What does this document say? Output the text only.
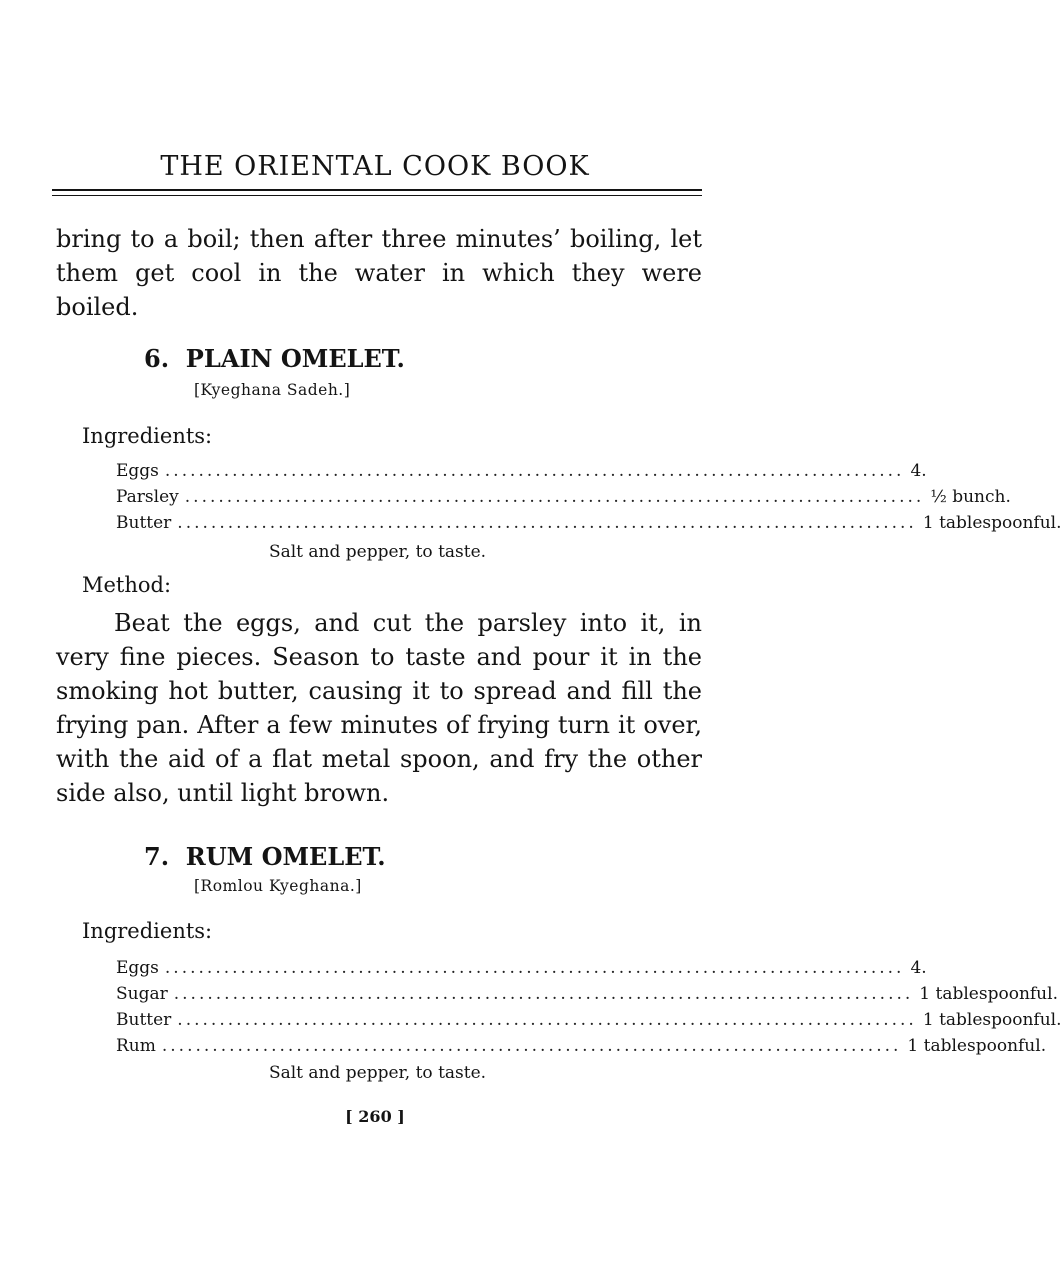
THE ORIENTAL COOK BOOK

bring to a boil; then after three minutes’ boiling, let them get cool in the water in which they were boiled.

6. PLAIN OMELET.
[Kyeghana Sadeh.]
Ingredients:
Eggs ........................................................................................ 4.
Parsley ........................................................................................ ½ bunch.
Butter ........................................................................................ 1 tablespoonful.
Salt and pepper, to taste.
Method:

Beat the eggs, and cut the parsley into it, in very fine pieces. Season to taste and pour it in the smoking hot butter, causing it to spread and fill the frying pan. After a few minutes of frying turn it over, with the aid of a flat metal spoon, and fry the other side also, until light brown.

7. RUM OMELET.
[Romlou Kyeghana.]
Ingredients:
Eggs ........................................................................................ 4.
Sugar ........................................................................................ 1 tablespoonful.
Butter ........................................................................................ 1 tablespoonful.
Rum ........................................................................................ 1 tablespoonful.
Salt and pepper, to taste.
[ 260 ]
